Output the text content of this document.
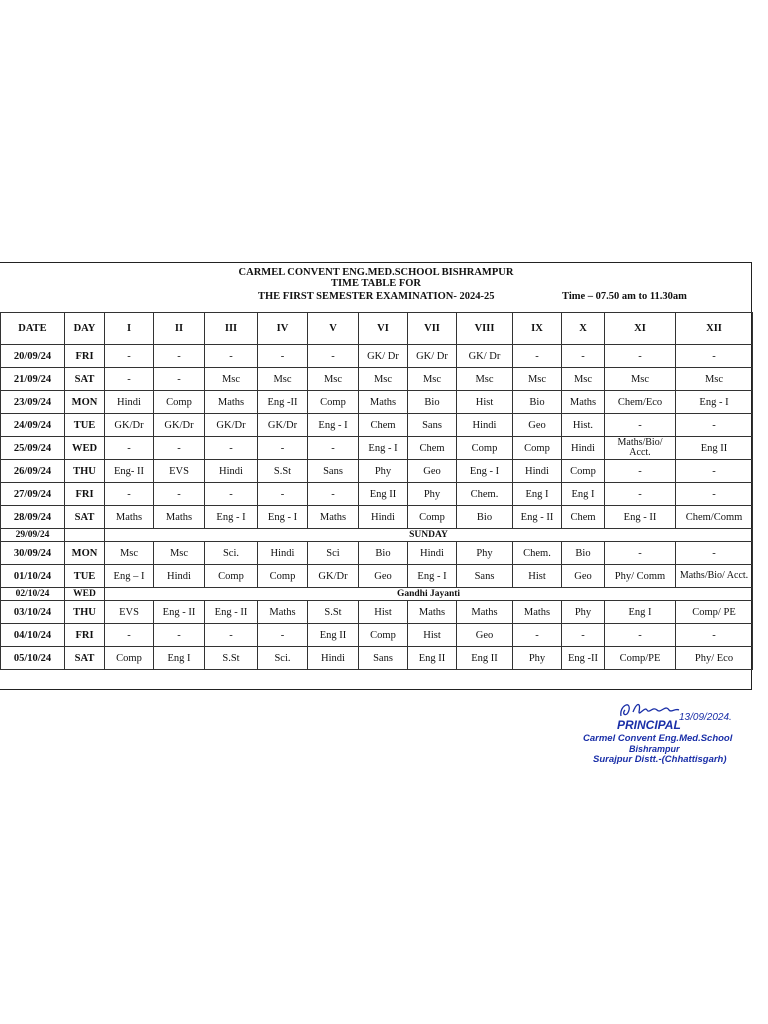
CARMEL CONVENT ENG.MED.SCHOOL BISHRAMPUR
TIME TABLE FOR
THE FIRST SEMESTER EXAMINATION- 2024-25	Time – 07.50 am to 11.30am
DATE	DAY	I	II	III	IV	V	VI	VII	VIII	IX	X	XI	XII
20/09/24	FRI	-	-	-	-	-	GK/ Dr	GK/ Dr	GK/ Dr	-	-	-	-
21/09/24	SAT	-	-	Msc	Msc	Msc	Msc	Msc	Msc	Msc	Msc	Msc	Msc
23/09/24	MON	Hindi	Comp	Maths	Eng -II	Comp	Maths	Bio	Hist	Bio	Maths	Chem/Eco	Eng - I
24/09/24	TUE	GK/Dr	GK/Dr	GK/Dr	GK/Dr	Eng - I	Chem	Sans	Hindi	Geo	Hist.	-	-
25/09/24	WED	-	-	-	-	-	Eng - I	Chem	Comp	Comp	Hindi	Maths/Bio/ Acct.	Eng II
26/09/24	THU	Eng- II	EVS	Hindi	S.St	Sans	Phy	Geo	Eng - I	Hindi	Comp	-	-
27/09/24	FRI	-	-	-	-	-	Eng II	Phy	Chem.	Eng I	Eng I	-	-
28/09/24	SAT	Maths	Maths	Eng - I	Eng - I	Maths	Hindi	Comp	Bio	Eng - II	Chem	Eng - II	Chem/Comm
29/09/24		SUNDAY											
30/09/24	MON	Msc	Msc	Sci.	Hindi	Sci	Bio	Hindi	Phy	Chem.	Bio	-	-
01/10/24	TUE	Eng – I	Hindi	Comp	Comp	GK/Dr	Geo	Eng - I	Sans	Hist	Geo	Phy/ Comm	Maths/Bio/ Acct.
02/10/24	WED	Gandhi Jayanti											
03/10/24	THU	EVS	Eng - II	Eng - II	Maths	S.St	Hist	Maths	Maths	Maths	Phy	Eng I	Comp/ PE
04/10/24	FRI	-	-	-	-	Eng II	Comp	Hist	Geo	-	-	-	-
05/10/24	SAT	Comp	Eng I	S.St	Sci.	Hindi	Sans	Eng II	Eng II	Phy	Eng -II	Comp/PE	Phy/ Eco
13/09/2024.
PRINCIPAL
Carmel Convent Eng.Med.School
Bishrampur
Surajpur Distt.-(Chhattisgarh)
